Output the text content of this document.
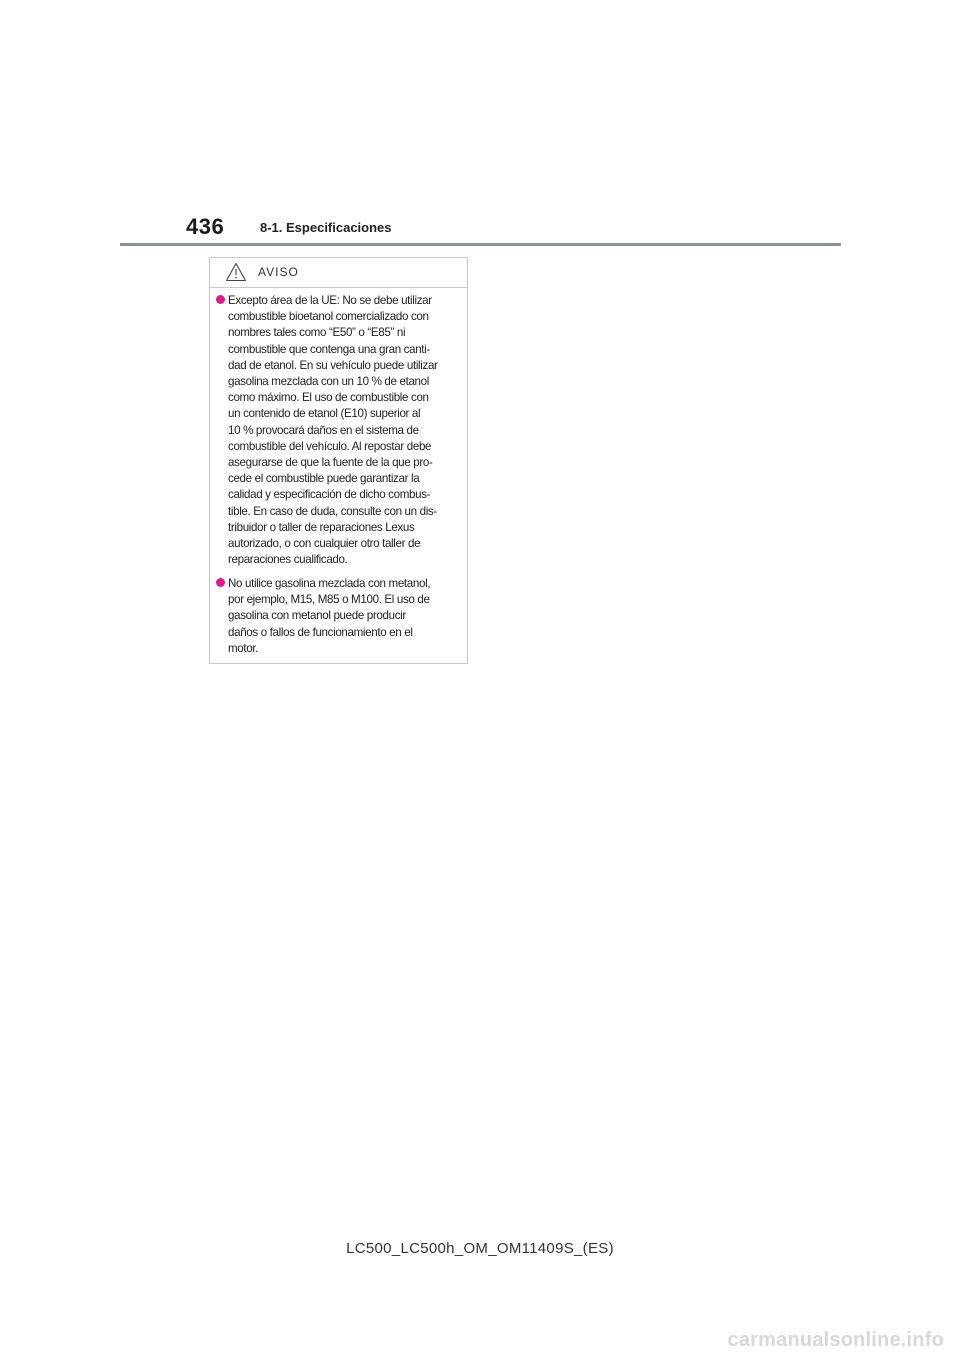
436	8-1. Especificaciones
AVISO
Excepto área de la UE: No se debe utilizar
combustible bioetanol comercializado con
nombres tales como “E50” o “E85” ni
combustible que contenga una gran canti-
dad de etanol. En su vehículo puede utilizar
gasolina mezclada con un 10 % de etanol
como máximo. El uso de combustible con
un contenido de etanol (E10) superior al
10 % provocará daños en el sistema de
combustible del vehículo. Al repostar debe
asegurarse de que la fuente de la que pro-
cede el combustible puede garantizar la
calidad y especificación de dicho combus-
tible. En caso de duda, consulte con un dis-
tribuidor o taller de reparaciones Lexus
autorizado, o con cualquier otro taller de
reparaciones cualificado.
No utilice gasolina mezclada con metanol,
por ejemplo, M15, M85 o M100. El uso de
gasolina con metanol puede producir
daños o fallos de funcionamiento en el
motor.
LC500_LC500h_OM_OM11409S_(ES)
carmanualsonline.info
